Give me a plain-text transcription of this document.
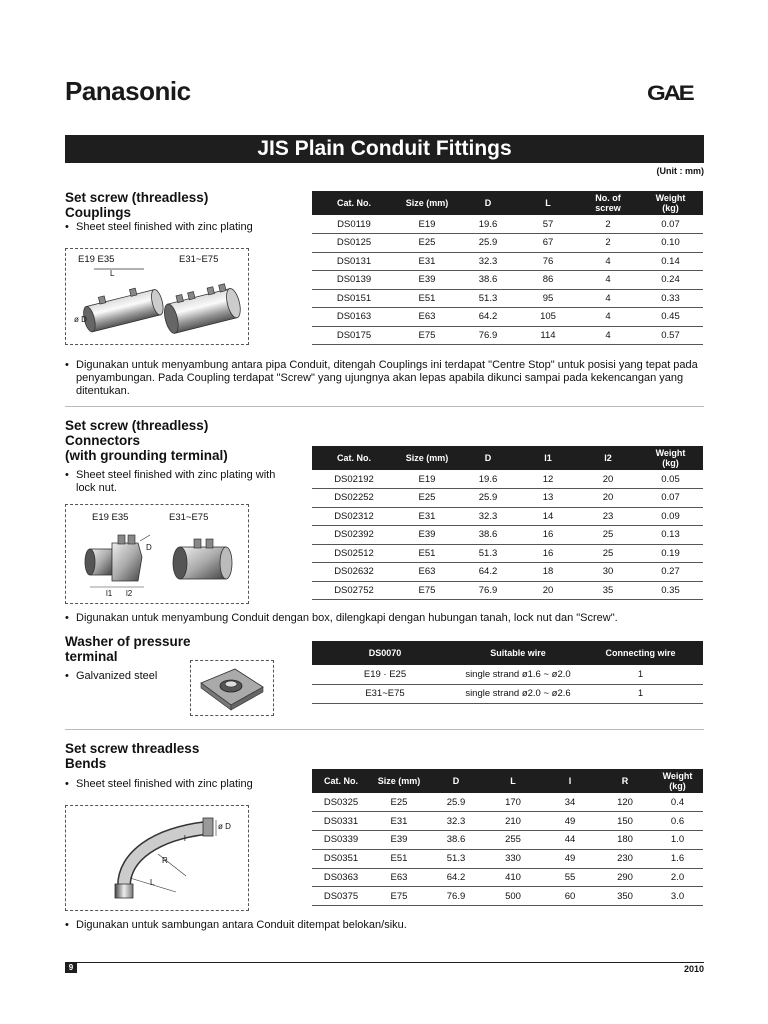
Panasonic	GAE
JIS Plain Conduit Fittings
(Unit : mm)
Set screw (threadless)
Couplings
• Sheet steel finished with zinc plating
E19 E35	E31~E75
L
ø D
Cat. No.	Size (mm)	D	L	No. of screw	Weight (kg)
DS0119	E19	19.6	57	2	0.07
DS0125	E25	25.9	67	2	0.10
DS0131	E31	32.3	76	4	0.14
DS0139	E39	38.6	86	4	0.24
DS0151	E51	51.3	95	4	0.33
DS0163	E63	64.2	105	4	0.45
DS0175	E75	76.9	114	4	0.57
• Digunakan untuk menyambung antara pipa Conduit, ditengah Couplings ini terdapat "Centre Stop" untuk posisi yang tepat pada penyambungan. Pada Coupling terdapat "Screw" yang ujungnya akan lepas apabila dikunci sampai pada kekencangan yang ditentukan.
Set screw (threadless)
Connectors
(with grounding terminal)
• Sheet steel finished with zinc plating with lock nut.
E19 E35	E31~E75
D
l1 l2
Cat. No.	Size (mm)	D	l1	l2	Weight (kg)
DS02192	E19	19.6	12	20	0.05
DS02252	E25	25.9	13	20	0.07
DS02312	E31	32.3	14	23	0.09
DS02392	E39	38.6	16	25	0.13
DS02512	E51	51.3	16	25	0.19
DS02632	E63	64.2	18	30	0.27
DS02752	E75	76.9	20	35	0.35
• Digunakan untuk menyambung Conduit dengan box, dilengkapi dengan hubungan tanah, lock nut dan "Screw".
Washer of pressure
terminal
• Galvanized steel
DS0070	Suitable wire	Connecting wire
E19 · E25	single strand ø1.6 ~ ø2.0	1
E31~E75	single strand ø2.0 ~ ø2.6	1
Set screw threadless
Bends
• Sheet steel finished with zinc plating
ø D
R
L
l
Cat. No.	Size (mm)	D	L	l	R	Weight (kg)
DS0325	E25	25.9	170	34	120	0.4
DS0331	E31	32.3	210	49	150	0.6
DS0339	E39	38.6	255	44	180	1.0
DS0351	E51	51.3	330	49	230	1.6
DS0363	E63	64.2	410	55	290	2.0
DS0375	E75	76.9	500	60	350	3.0
• Digunakan untuk sambungan antara Conduit ditempat belokan/siku.
9	2010
